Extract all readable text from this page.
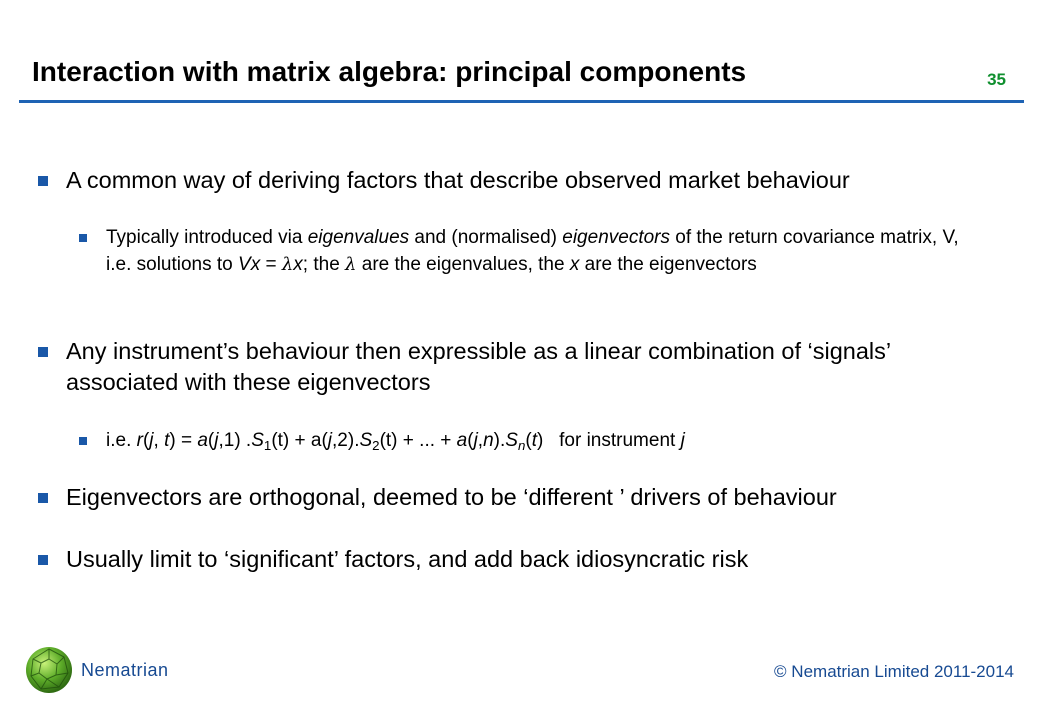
Interaction with matrix algebra: principal components	35
A common way of deriving factors that describe observed market behaviour
Typically introduced via eigenvalues and (normalised) eigenvectors of the return covariance matrix, V, i.e. solutions to Vx = λx; the λ are the eigenvalues, the x are the eigenvectors
Any instrument’s behaviour then expressible as a linear combination of ‘signals’ associated with these eigenvectors
i.e. r(j, t) = a(j,1) $.S_1(t) + a(j,2).S_2(t)$ + ... + $a(j,n).S_n(t)$   for instrument j
Eigenvectors are orthogonal, deemed to be ‘different ’ drivers of behaviour
Usually limit to ‘significant’ factors, and add back idiosyncratic risk
Nematrian	© Nematrian Limited 2011-2014
